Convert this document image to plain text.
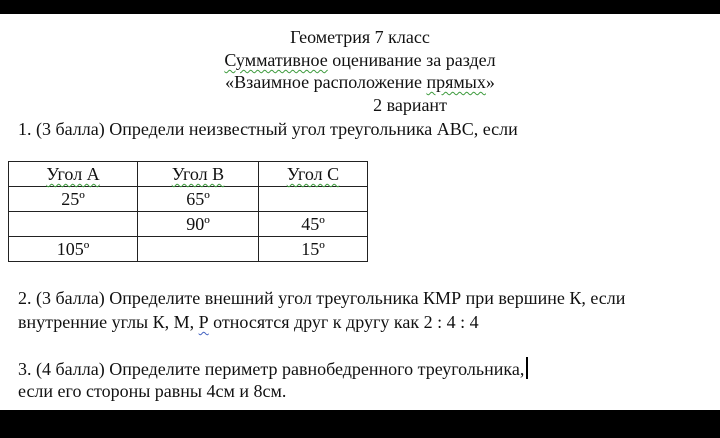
Геометрия 7 класс
Суммативное оценивание за раздел
«Взаимное расположение прямых»
2 вариант
1. (3 балла) Определи неизвестный угол треугольника АВС, если
Угол А	Угол В	Угол С
25º	65º	
	90º	45º
105º		15º
2. (3 балла) Определите внешний угол треугольника КМР при вершине К, если
внутренние углы К, М, Р относятся друг к другу как 2 : 4 : 4
3. (4 балла) Определите периметр равнобедренного треугольника,
если его стороны равны 4см и 8см.
